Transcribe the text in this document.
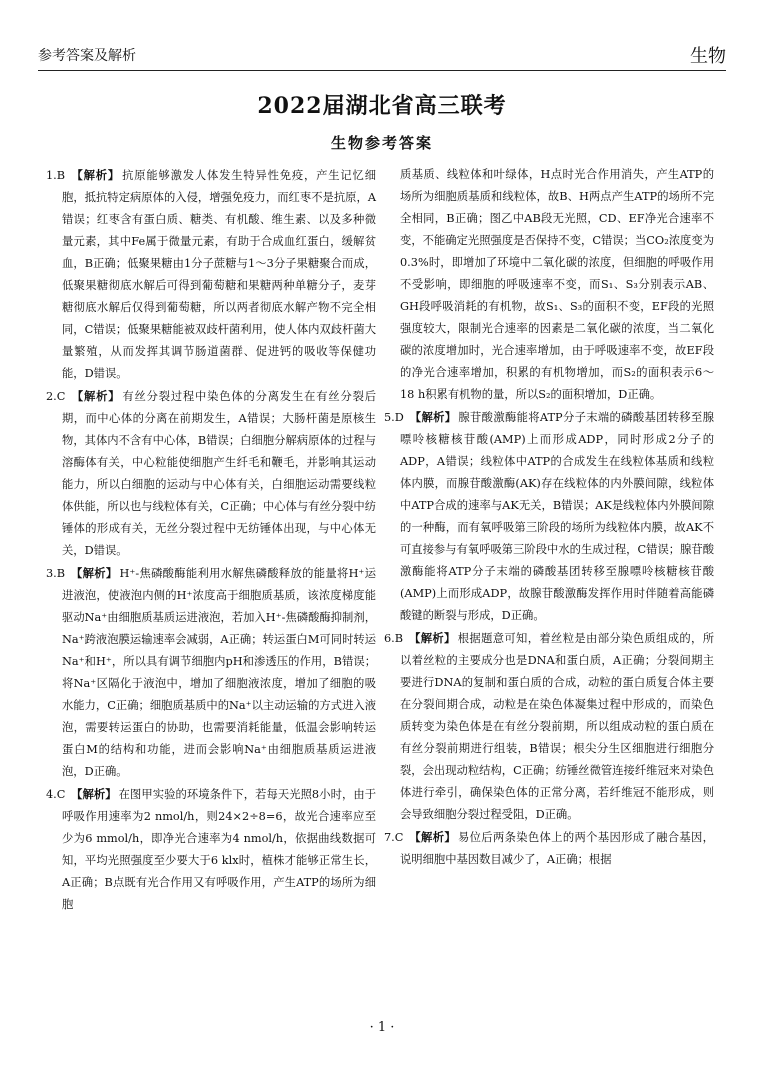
参考答案及解析	生物
2022届湖北省高三联考
生物参考答案

1.B 【解析】 抗原能够激发人体发生特异性免疫，产生记忆细胞，抵抗特定病原体的入侵，增强免疫力，而红枣不是抗原，A错误；红枣含有蛋白质、糖类、有机酸、维生素、以及多种微量元素，其中Fe属于微量元素，有助于合成血红蛋白，缓解贫血，B正确；低聚果糖由1分子蔗糖与1～3分子果糖聚合而成，低聚果糖彻底水解后可得到葡萄糖和果糖两种单糖分子，麦芽糖彻底水解后仅得到葡萄糖，所以两者彻底水解产物不完全相同，C错误；低聚果糖能被双歧杆菌利用，使人体内双歧杆菌大量繁殖，从而发挥其调节肠道菌群、促进钙的吸收等保健功能，D错误。

2.C 【解析】 有丝分裂过程中染色体的分离发生在有丝分裂后期，而中心体的分离在前期发生，A错误；大肠杆菌是原核生物，其体内不含有中心体，B错误；白细胞分解病原体的过程与溶酶体有关，中心粒能使细胞产生纤毛和鞭毛，并影响其运动能力，所以白细胞的运动与中心体有关，白细胞运动需要线粒体供能，所以也与线粒体有关，C正确；中心体与有丝分裂中纺锤体的形成有关，无丝分裂过程中无纺锤体出现，与中心体无关，D错误。

3.B 【解析】 H⁺-焦磷酸酶能利用水解焦磷酸释放的能量将H⁺运进液泡，使液泡内侧的H⁺浓度高于细胞质基质，该浓度梯度能驱动Na⁺由细胞质基质运进液泡，若加入H⁺-焦磷酸酶抑制剂，Na⁺跨液泡膜运输速率会减弱，A正确；转运蛋白M可同时转运Na⁺和H⁺，所以具有调节细胞内pH和渗透压的作用，B错误；将Na⁺区隔化于液泡中，增加了细胞液浓度，增加了细胞的吸水能力，C正确；细胞质基质中的Na⁺以主动运输的方式进入液泡，需要转运蛋白的协助，也需要消耗能量，低温会影响转运蛋白M的结构和功能，进而会影响Na⁺由细胞质基质运进液泡，D正确。

4.C 【解析】 在图甲实验的环境条件下，若每天光照8小时，由于呼吸作用速率为2 nmol/h，则24×2÷8=6，故光合速率应至少为6 mmol/h，即净光合速率为4 nmol/h，依据曲线数据可知，平均光照强度至少要大于6 klx时，植株才能够正常生长，A正确；B点既有光合作用又有呼吸作用，产生ATP的场所为细胞

质基质、线粒体和叶绿体，H点时光合作用消失，产生ATP的场所为细胞质基质和线粒体，故B、H两点产生ATP的场所不完全相同，B正确；图乙中AB段无光照，CD、EF净光合速率不变，不能确定光照强度是否保持不变，C错误；当CO₂浓度变为0.3%时，即增加了环境中二氧化碳的浓度，但细胞的呼吸作用不受影响，即细胞的呼吸速率不变，而S₁、S₃分别表示AB、GH段呼吸消耗的有机物，故S₁、S₃的面积不变，EF段的光照强度较大，限制光合速率的因素是二氧化碳的浓度，当二氧化碳的浓度增加时，光合速率增加，由于呼吸速率不变，故EF段的净光合速率增加，积累的有机物增加，而S₂的面积表示6～18 h积累有机物的量，所以S₂的面积增加，D正确。

5.D 【解析】 腺苷酸激酶能将ATP分子末端的磷酸基团转移至腺嘌呤核糖核苷酸(AMP)上而形成ADP，同时形成2分子的ADP，A错误；线粒体中ATP的合成发生在线粒体基质和线粒体内膜，而腺苷酸激酶(AK)存在线粒体的内外膜间隙，线粒体中ATP合成的速率与AK无关，B错误；AK是线粒体内外膜间隙的一种酶，而有氧呼吸第三阶段的场所为线粒体内膜，故AK不可直接参与有氧呼吸第三阶段中水的生成过程，C错误；腺苷酸激酶能将ATP分子末端的磷酸基团转移至腺嘌呤核糖核苷酸(AMP)上而形成ADP，故腺苷酸激酶发挥作用时伴随着高能磷酸键的断裂与形成，D正确。

6.B 【解析】 根据题意可知，着丝粒是由部分染色质组成的，所以着丝粒的主要成分也是DNA和蛋白质，A正确；分裂间期主要进行DNA的复制和蛋白质的合成，动粒的蛋白质复合体主要在分裂间期合成，动粒是在染色体凝集过程中形成的，而染色质转变为染色体是在有丝分裂前期，所以组成动粒的蛋白质在有丝分裂前期进行组装，B错误；根尖分生区细胞进行细胞分裂，会出现动粒结构，C正确；纺锤丝微管连接纤维冠来对染色体进行牵引，确保染色体的正常分离，若纤维冠不能形成，则会导致细胞分裂过程受阻，D正确。

7.C 【解析】 易位后两条染色体上的两个基因形成了融合基因，说明细胞中基因数目减少了，A正确；根据

· 1 ·
